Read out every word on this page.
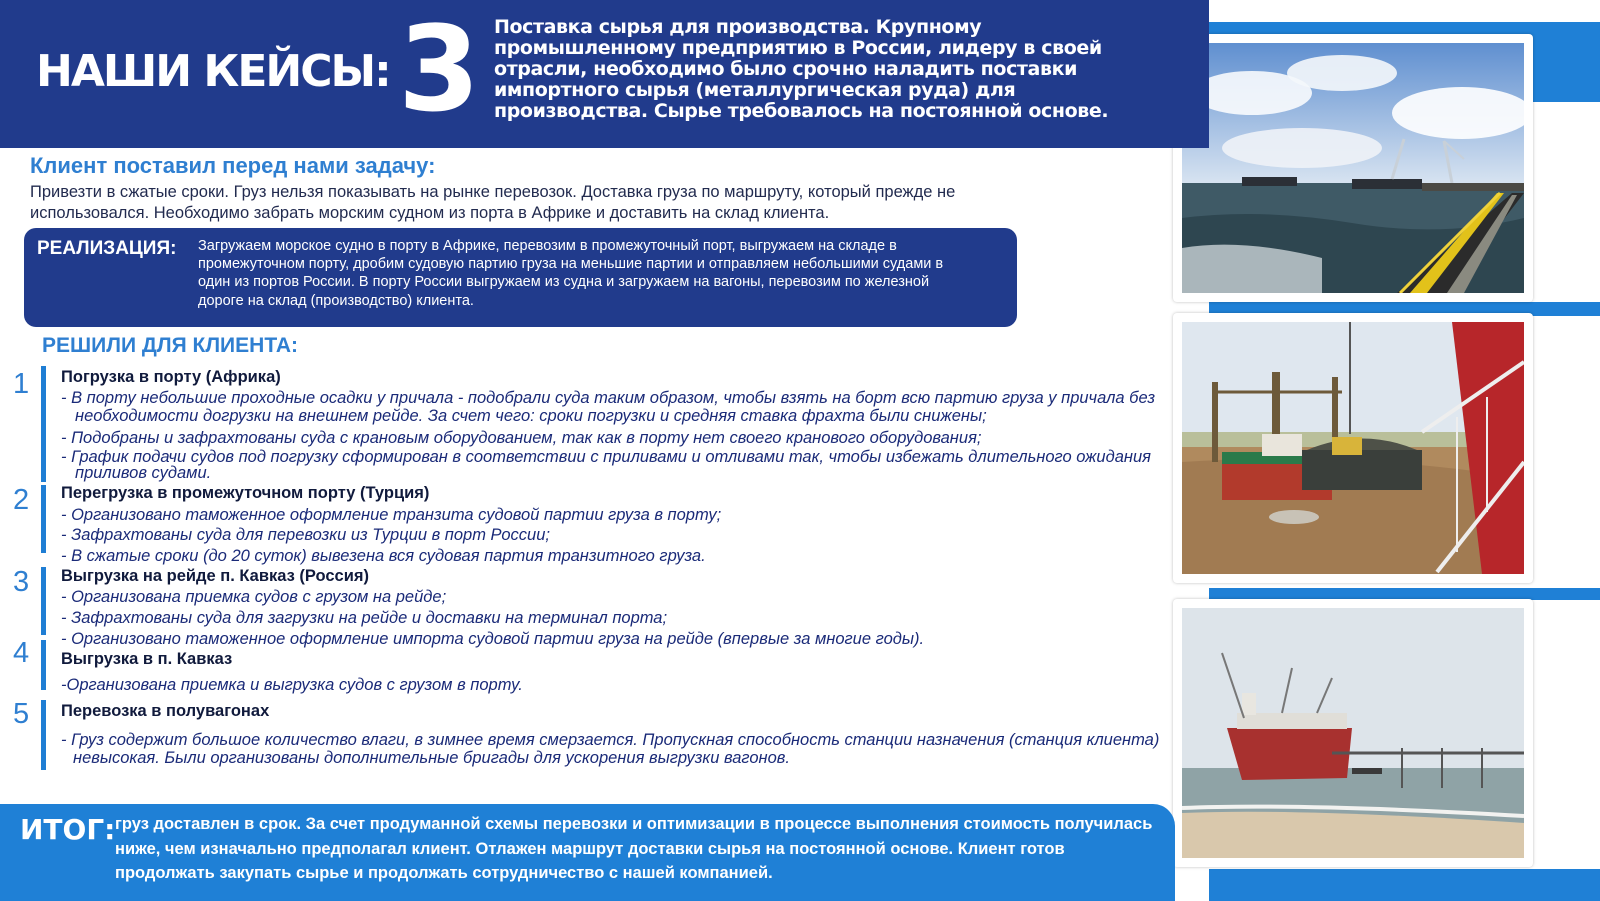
НАШИ КЕЙСЫ: 3 Поставка сырья для производства. Крупному промышленному предприятию в России, лидеру в своей отрасли, необходимо было срочно наладить поставки импортного сырья (металлургическая руда) для производства. Сырье требовалось на постоянной основе.

Клиент поставил перед нами задачу:

Привезти в сжатые сроки. Груз нельзя показывать на рынке перевозок. Доставка груза по маршруту, который прежде не использовался. Необходимо забрать морским судном из порта в Африке и доставить на склад клиента.

РЕАЛИЗАЦИЯ: Загружаем морское судно в порту в Африке, перевозим в промежуточный порт, выгружаем на складе в промежуточном порту, дробим судовую партию груза на меньшие партии и отправляем небольшими судами в один из портов России. В порту России выгружаем из судна и загружаем на вагоны, перевозим по железной дороге на склад (производство) клиента.

РЕШИЛИ ДЛЯ КЛИЕНТА:
1 Погрузка в порту (Африка)

- В порту небольшие проходные осадки у причала - подобрали суда таким образом, чтобы взять на борт всю партию груза у причала без необходимости догрузки на внешнем рейде. За счет чего: сроки погрузки и средняя ставка фрахта были снижены;

- Подобраны и зафрахтованы суда с крановым оборудованием, так как в порту нет своего кранового оборудования;

- График подачи судов под погрузку сформирован в соответствии с приливами и отливами так, чтобы избежать длительного ожидания приливов судами.

2 Перегрузка в промежуточном порту (Турция)

- Организовано таможенное оформление транзита судовой партии груза в порту;

- Зафрахтованы суда для перевозки из Турции в порт России;

- В сжатые сроки (до 20 суток) вывезена вся судовая партия транзитного груза.

3 Выгрузка на рейде п. Кавказ (Россия)

- Организована приемка судов с грузом на рейде;

- Зафрахтованы суда для загрузки на рейде и доставки на терминал порта;

- Организовано таможенное оформление импорта судовой партии груза на рейде (впервые за многие годы).

4 Выгрузка в п. Кавказ

-Организована приемка и выгрузка судов с грузом в порту.

5 Перевозка в полувагонах

- Груз содержит большое количество влаги, в зимнее время смерзается. Пропускная способность станции назначения (станция клиента) невысокая. Были организованы дополнительные бригады для ускорения выгрузки вагонов.

ИТОГ: груз доставлен в срок. За счет продуманной схемы перевозки и оптимизации в процессе выполнения стоимость получилась ниже, чем изначально предполагал клиент. Отлажен маршрут доставки сырья на постоянной основе. Клиент готов продолжать закупать сырье и продолжать сотрудничество с нашей компанией.
